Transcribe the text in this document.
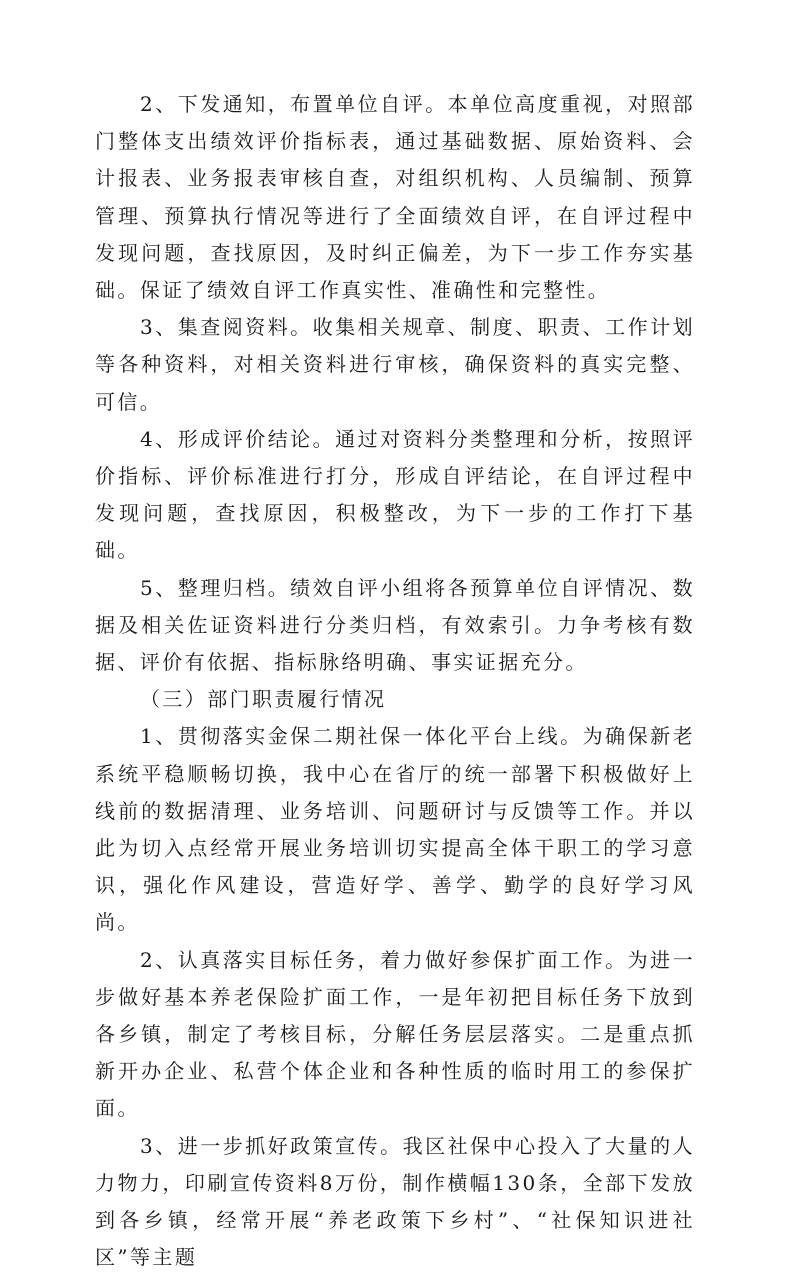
2、下发通知，布置单位自评。本单位高度重视，对照部门整体支出绩效评价指标表，通过基础数据、原始资料、会计报表、业务报表审核自查，对组织机构、人员编制、预算管理、预算执行情况等进行了全面绩效自评，在自评过程中发现问题，查找原因，及时纠正偏差，为下一步工作夯实基础。保证了绩效自评工作真实性、准确性和完整性。

3、集查阅资料。收集相关规章、制度、职责、工作计划等各种资料，对相关资料进行审核，确保资料的真实完整、可信。

4、形成评价结论。通过对资料分类整理和分析，按照评价指标、评价标准进行打分，形成自评结论，在自评过程中发现问题，查找原因，积极整改，为下一步的工作打下基础。

5、整理归档。绩效自评小组将各预算单位自评情况、数据及相关佐证资料进行分类归档，有效索引。力争考核有数据、评价有依据、指标脉络明确、事实证据充分。

（三）部门职责履行情况

1、贯彻落实金保二期社保一体化平台上线。为确保新老系统平稳顺畅切换，我中心在省厅的统一部署下积极做好上线前的数据清理、业务培训、问题研讨与反馈等工作。并以此为切入点经常开展业务培训切实提高全体干职工的学习意识，强化作风建设，营造好学、善学、勤学的良好学习风尚。

2、认真落实目标任务，着力做好参保扩面工作。为进一步做好基本养老保险扩面工作，一是年初把目标任务下放到各乡镇，制定了考核目标，分解任务层层落实。二是重点抓新开办企业、私营个体企业和各种性质的临时用工的参保扩面。

3、进一步抓好政策宣传。我区社保中心投入了大量的人力物力，印刷宣传资料8万份，制作横幅130条，全部下发放到各乡镇，经常开展“养老政策下乡村”、“社保知识进社区”等主题
